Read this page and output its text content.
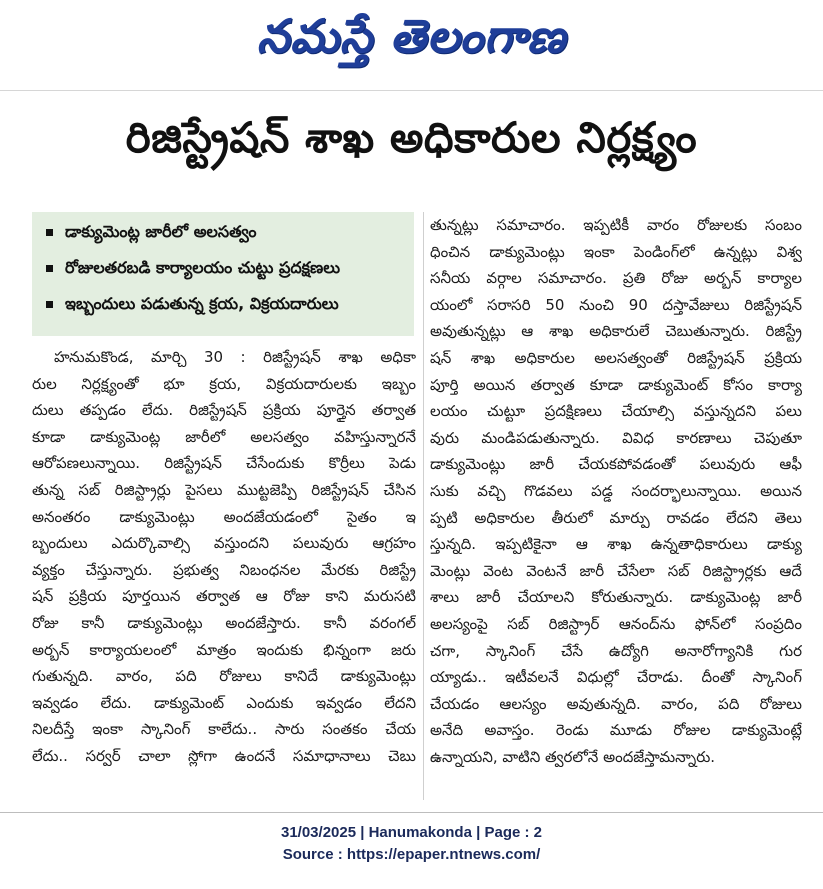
నమస్తే తెలంగాణ
రిజిస్ట్రేషన్ శాఖ అధికారుల నిర్లక్ష్యం
డాక్యుమెంట్ల జారీలో అలసత్వం
రోజులతరబడి కార్యాలయం చుట్టు ప్రదక్షణలు
ఇబ్బందులు పడుతున్న క్రయ, విక్రయదారులు
హనుమకొండ, మార్చి 30 : రిజిస్ట్రేషన్ శాఖ అధికా
రుల నిర్లక్ష్యంతో భూ క్రయ, విక్రయదారులకు ఇబ్బం
దులు తప్పడం లేదు. రిజిస్ట్రేషన్ ప్రక్రియ పూర్తైన తర్వాత
కూడా డాక్యుమెంట్ల జారీలో అలసత్వం వహిస్తున్నారనే
ఆరోపణలున్నాయి. రిజిస్ట్రేషన్ చేసేందుకు కొర్రీలు పెడు
తున్న సబ్ రిజిస్ట్రార్లు పైసలు ముట్టజెప్పి రిజిస్ట్రేషన్ చేసిన
అనంతరం డాక్యుమెంట్లు అందజేయడంలో సైతం ఇ
బ్బందులు ఎదుర్కొవాల్సి వస్తుందని పలువురు ఆగ్రహం
వ్యక్తం చేస్తున్నారు. ప్రభుత్వ నిబంధనల మేరకు రిజిస్ట్రే
షన్ ప్రక్రియ పూర్తయిన తర్వాత ఆ రోజు కాని మరుసటి
రోజు కానీ డాక్యుమెంట్లు అందజేస్తారు. కానీ వరంగల్
అర్బన్ కార్యాయలంలో మాత్రం ఇందుకు భిన్నంగా జరు
గుతున్నది. వారం, పది రోజులు కానిదే డాక్యుమెంట్లు
ఇవ్వడం లేదు. డాక్యుమెంట్ ఎందుకు ఇవ్వడం లేదని
నిలదీస్తే ఇంకా స్కానింగ్ కాలేదు.. సారు సంతకం చేయ
లేదు.. సర్వర్ చాలా స్లోగా ఉందనే సమాధానాలు చెబు
తున్నట్లు సమాచారం. ఇప్పటికీ వారం రోజులకు సంబం
ధించిన డాక్యుమెంట్లు ఇంకా పెండింగ్‌లో ఉన్నట్లు విశ్వ
సనీయ వర్గాల సమాచారం. ప్రతి రోజు అర్బన్ కార్యాల
యంలో సరాసరి 50 నుంచి 90 దస్తావేజులు రిజిస్ట్రేషన్
అవుతున్నట్లు ఆ శాఖ అధికారులే చెబుతున్నారు. రిజిస్ట్రే
షన్ శాఖ అధికారుల అలసత్వంతో రిజిస్ట్రేషన్ ప్రక్రియ
పూర్తి అయిన తర్వాత కూడా డాక్యుమెంట్ కోసం కార్యా
లయం చుట్టూ ప్రదక్షిణలు చేయాల్సి వస్తున్నదని పలు
వురు మండిపడుతున్నారు. వివిధ కారణాలు చెపుతూ
డాక్యుమెంట్లు జారీ చేయకపోవడంతో పలువురు ఆఫీ
సుకు వచ్చి గొడవలు పడ్డ సందర్భాలున్నాయి. అయిన
ప్పటి అధికారుల తీరులో మార్పు రావడం లేదని తెలు
స్తున్నది. ఇప్పటికైనా ఆ శాఖ ఉన్నతాధికారులు డాక్యు
మెంట్లు వెంట వెంటనే జారీ చేసేలా సబ్ రిజిస్ట్రార్లకు ఆదే
శాలు జారీ చేయాలని కోరుతున్నారు. డాక్యుమెంట్ల జారీ
అలస్యంపై సబ్ రిజిస్ట్రార్ ఆనంద్‌ను ఫోన్‌లో సంప్రదిం
చగా, స్కానింగ్ చేసే ఉద్యోగి అనారోగ్యానికి గుర
య్యాడు.. ఇటీవలనే విధుల్లో చేరాడు. దీంతో స్కానింగ్
చేయడం ఆలస్యం అవుతున్నది. వారం, పది రోజులు
అనేది అవాస్తం. రెండు మూడు రోజుల డాక్యుమెంట్లే
ఉన్నాయని, వాటిని త్వరలోనే అందజేస్తామన్నారు.
31/03/2025 | Hanumakonda | Page : 2
Source : https://epaper.ntnews.com/
